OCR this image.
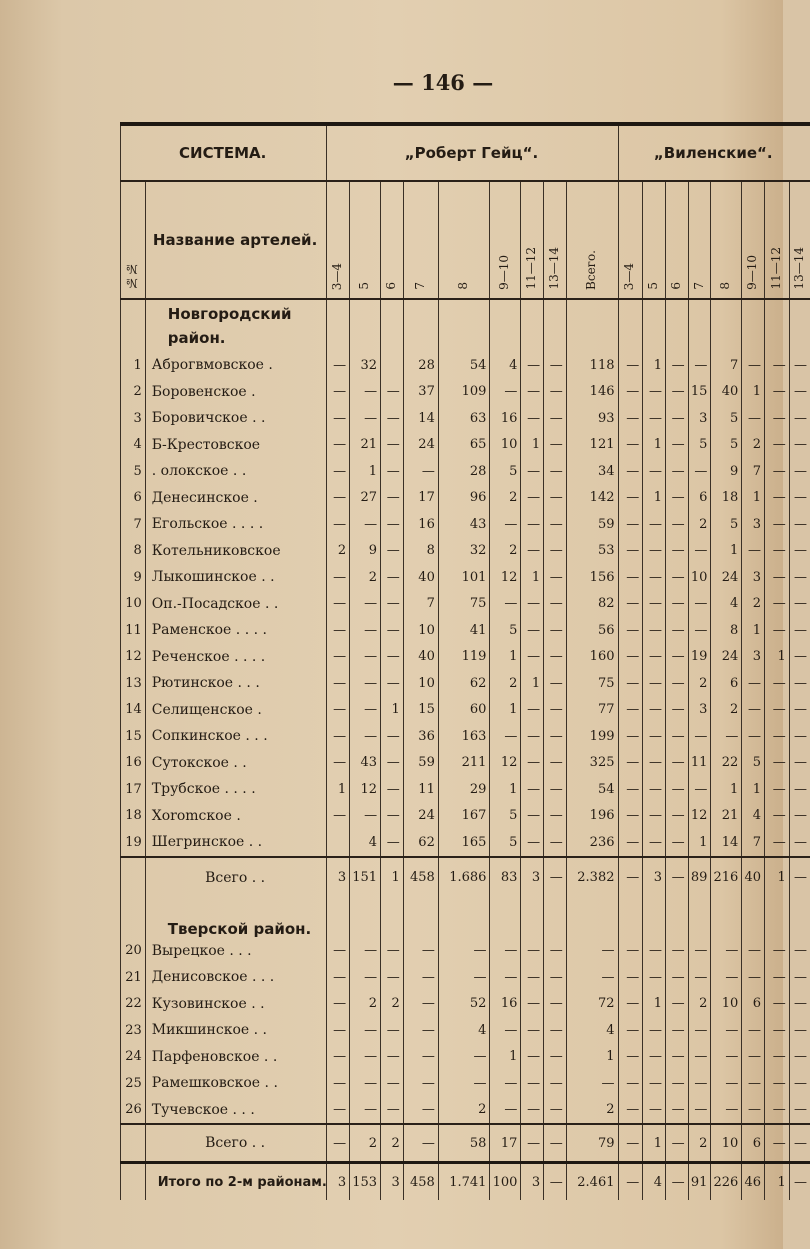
— 146 —
СИСТЕМА.		„Роберт Гейц“.									„Виленские“.							
№№	Название артелей.	3—4	5	6	7	8	9—10	11—12	13—14	Всего.	3—4	5	6	7	8	9—10	11—12	13—14
	Новгородский район.																	
1	Аброгвмовское .	—	32		28	54	4	—	—	118	—	1	—	—	7	—	—	—
2	Боровенское .	—	—	—	37	109	—	—	—	146	—	—	—	15	40	1	—	—
3	Боровичское . .	—	—	—	14	63	16	—	—	93	—	—	—	3	5	—	—	—
4	Б-Крестовское	—	21	—	24	65	10	1	—	121	—	1	—	5	5	2	—	—
5	. олокское . .	—	1	—	—	28	5	—	—	34	—	—	—	—	9	7	—	—
6	Денесинское .	—	27	—	17	96	2	—	—	142	—	1	—	6	18	1	—	—
7	Егольское . . . .	—	—	—	16	43	—	—	—	59	—	—	—	2	5	3	—	—
8	Котельниковское	2	9	—	8	32	2	—	—	53	—	—	—	—	1	—	—	—
9	Лыкошинское . .	—	2	—	40	101	12	1	—	156	—	—	—	10	24	3	—	—
10	Оп.-Посадское . .	—	—	—	7	75	—	—	—	82	—	—	—	—	4	2	—	—
11	Раменское . . . .	—	—	—	10	41	5	—	—	56	—	—	—	—	8	1	—	—
12	Реченское . . . .	—	—	—	40	119	1	—	—	160	—	—	—	19	24	3	1	—
13	Рютинское . . .	—	—	—	10	62	2	1	—	75	—	—	—	2	6	—	—	—
14	Селищенское .	—	—	1	15	60	1	—	—	77	—	—	—	3	2	—	—	—
15	Сопкинское . . .	—	—	—	36	163	—	—	—	199	—	—	—	—	—	—	—	—
16	Сутокское . .	—	43	—	59	211	12	—	—	325	—	—	—	11	22	5	—	—
17	Трубское . . . .	1	12	—	11	29	1	—	—	54	—	—	—	—	1	1	—	—
18	Хоromское .	—	—	—	24	167	5	—	—	196	—	—	—	12	21	4	—	—
19	Шегринское . .		4	—	62	165	5	—	—	236	—	—	—	1	14	7	—	—
	Всего . .	3	151	1	458	1.686	83	3	—	2.382	—	3	—	89	216	40	1	—
	Тверской район.																	
20	Вырецкое . . .	—	—	—	—	—	—	—	—	—	—	—	—	—	—	—	—	—
21	Денисовское . . .	—	—	—	—	—	—	—	—	—	—	—	—	—	—	—	—	—
22	Кузовинское . .	—	2	2	—	52	16	—	—	72	—	1	—	2	10	6	—	—
23	Микшинское . .	—	—	—	—	4	—	—	—	4	—	—	—	—	—	—	—	—
24	Парфеновское . .	—	—	—	—	—	1	—	—	1	—	—	—	—	—	—	—	—
25	Рамешковское . .	—	—	—	—	—	—	—	—	—	—	—	—	—	—	—	—	—
26	Тучевское . . .	—	—	—	—	2	—	—	—	2	—	—	—	—	—	—	—	—
	Всего . .	—	2	2	—	58	17	—	—	79	—	1	—	2	10	6	—	—
	Итого по 2-м районам.	3	153	3	458	1.741	100	3	—	2.461	—	4	—	91	226	46	1	—
